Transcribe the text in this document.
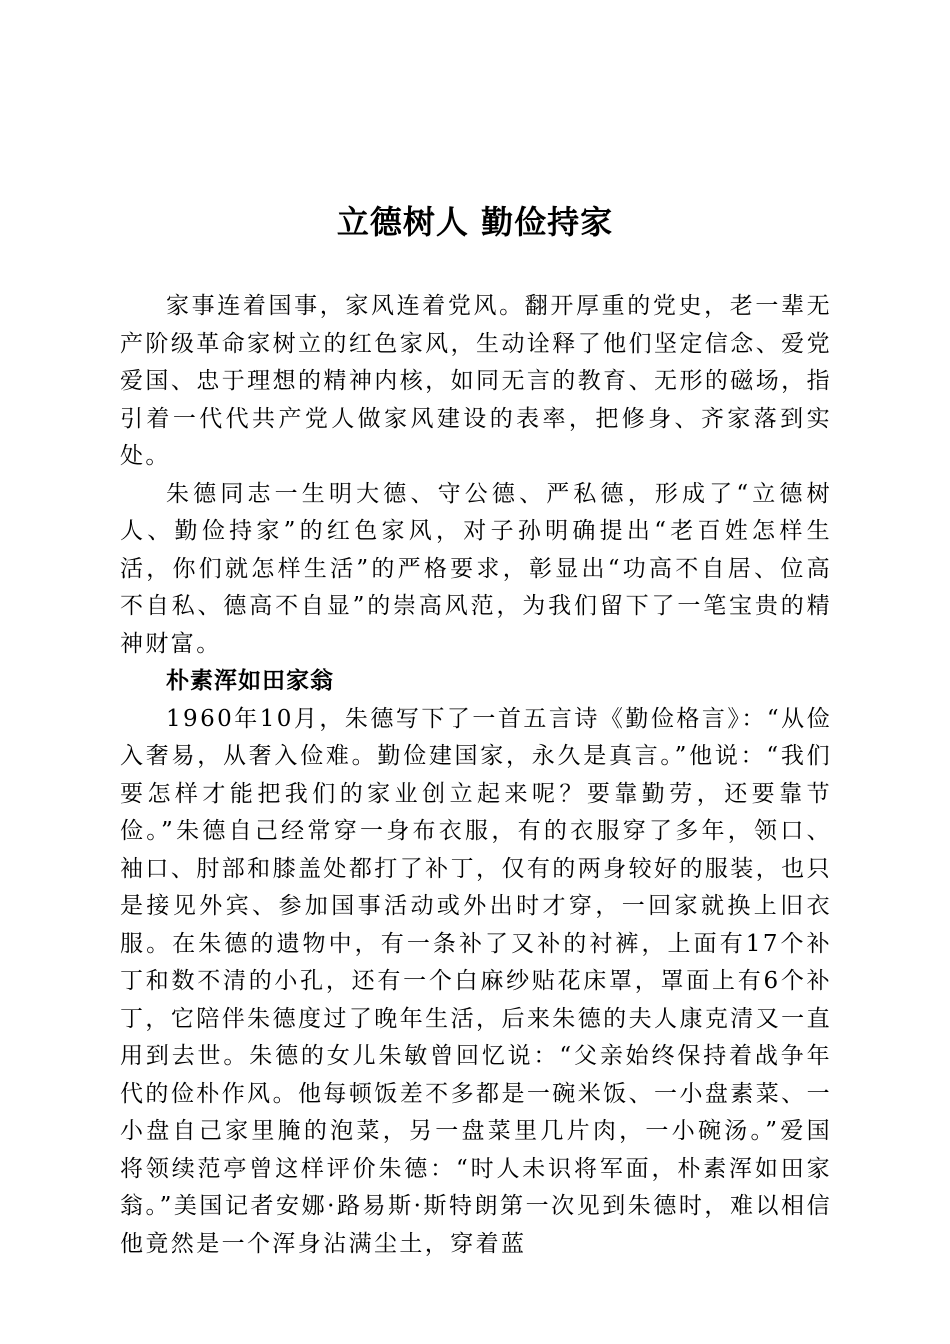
立德树人 勤俭持家

家事连着国事，家风连着党风。翻开厚重的党史，老一辈无产阶级革命家树立的红色家风，生动诠释了他们坚定信念、爱党爱国、忠于理想的精神内核，如同无言的教育、无形的磁场，指引着一代代共产党人做家风建设的表率，把修身、齐家落到实处。

朱德同志一生明大德、守公德、严私德，形成了“立德树人、勤俭持家”的红色家风，对子孙明确提出“老百姓怎样生活，你们就怎样生活”的严格要求，彰显出“功高不自居、位高不自私、德高不自显”的崇高风范，为我们留下了一笔宝贵的精神财富。

朴素浑如田家翁

1960年10月，朱德写下了一首五言诗《勤俭格言》：“从俭入奢易，从奢入俭难。勤俭建国家，永久是真言。”他说：“我们要怎样才能把我们的家业创立起来呢？要靠勤劳，还要靠节俭。”朱德自己经常穿一身布衣服，有的衣服穿了多年，领口、袖口、肘部和膝盖处都打了补丁，仅有的两身较好的服装，也只是接见外宾、参加国事活动或外出时才穿，一回家就换上旧衣服。在朱德的遗物中，有一条补了又补的衬裤，上面有17个补丁和数不清的小孔，还有一个白麻纱贴花床罩，罩面上有6个补丁，它陪伴朱德度过了晚年生活，后来朱德的夫人康克清又一直用到去世。朱德的女儿朱敏曾回忆说：“父亲始终保持着战争年代的俭朴作风。他每顿饭差不多都是一碗米饭、一小盘素菜、一小盘自己家里腌的泡菜，另一盘菜里几片肉，一小碗汤。”爱国将领续范亭曾这样评价朱德：“时人未识将军面，朴素浑如田家翁。”美国记者安娜·路易斯·斯特朗第一次见到朱德时，难以相信他竟然是一个浑身沾满尘土，穿着蓝
